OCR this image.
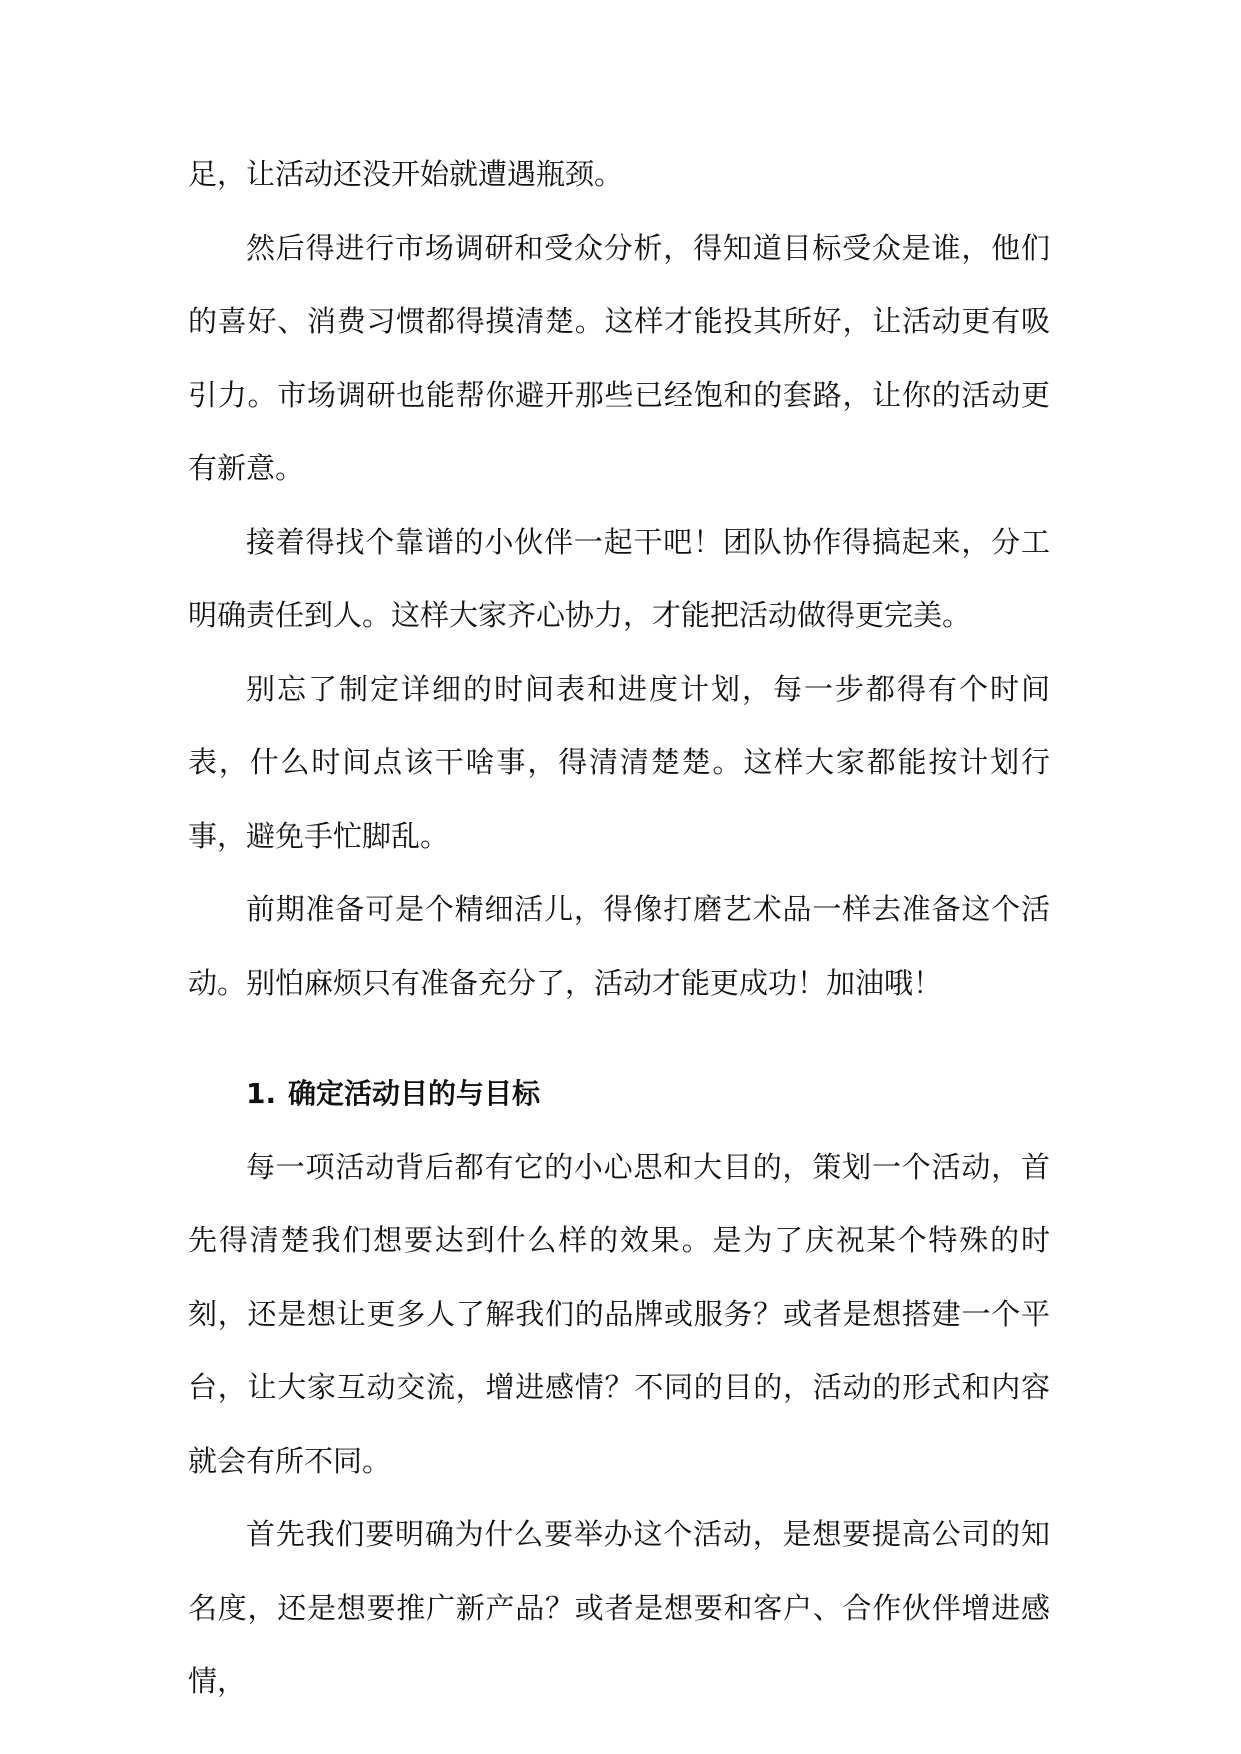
足，让活动还没开始就遭遇瓶颈。

然后得进行市场调研和受众分析，得知道目标受众是谁，他们的喜好、消费习惯都得摸清楚。这样才能投其所好，让活动更有吸引力。市场调研也能帮你避开那些已经饱和的套路，让你的活动更有新意。

接着得找个靠谱的小伙伴一起干吧！团队协作得搞起来，分工明确责任到人。这样大家齐心协力，才能把活动做得更完美。

别忘了制定详细的时间表和进度计划，每一步都得有个时间表，什么时间点该干啥事，得清清楚楚。这样大家都能按计划行事，避免手忙脚乱。

前期准备可是个精细活儿，得像打磨艺术品一样去准备这个活动。别怕麻烦只有准备充分了，活动才能更成功！加油哦！

1. 确定活动目的与目标

每一项活动背后都有它的小心思和大目的，策划一个活动，首先得清楚我们想要达到什么样的效果。是为了庆祝某个特殊的时刻，还是想让更多人了解我们的品牌或服务？或者是想搭建一个平台，让大家互动交流，增进感情？不同的目的，活动的形式和内容就会有所不同。

首先我们要明确为什么要举办这个活动，是想要提高公司的知名度，还是想要推广新产品？或者是想要和客户、合作伙伴增进感情，
